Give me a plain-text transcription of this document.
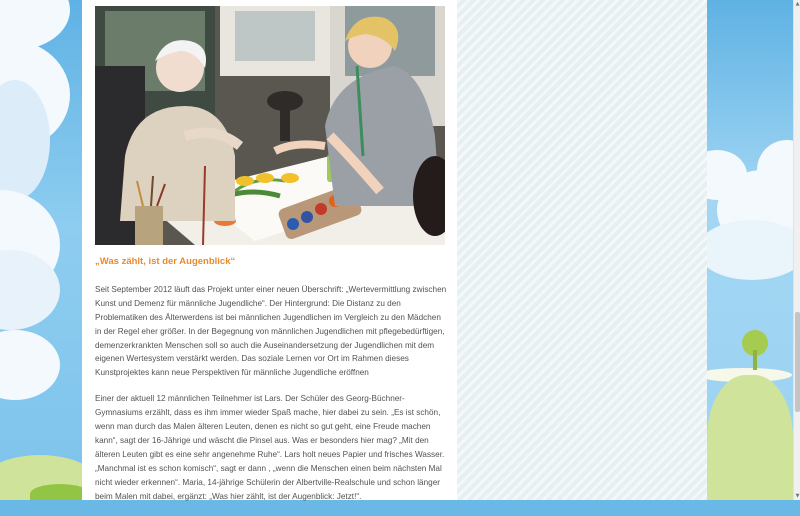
„Was zählt, ist der Augenblick“

Seit September 2012 läuft das Projekt unter einer neuen Überschrift: „Wertevermittlung zwischen Kunst und Demenz für männliche Jugendliche“. Der Hintergrund: Die Distanz zu den Problematiken des Älterwerdens ist bei männlichen Jugendlichen im Vergleich zu den Mädchen in der Regel eher größer. In der Begegnung von männlichen Jugendlichen mit pflegebedürftigen, demenzerkrankten Menschen soll so auch die Auseinandersetzung der Jugendlichen mit dem eigenen Wertesystem verstärkt werden. Das soziale Lernen vor Ort im Rahmen dieses Kunstprojektes kann neue Perspektiven für männliche Jugendliche eröffnen

Einer der aktuell 12 männlichen Teilnehmer ist Lars. Der Schüler des Georg-Büchner-Gymnasiums erzählt, dass es ihm immer wieder Spaß mache, hier dabei zu sein. „Es ist schön, wenn man durch das Malen älteren Leuten, denen es nicht so gut geht, eine Freude machen kann“, sagt der 16-Jährige und wäscht die Pinsel aus. Was er besonders hier mag? „Mit den älteren Leuten gibt es eine sehr angenehme Ruhe“. Lars holt neues Papier und frisches Wasser. „Manchmal ist es schon komisch“, sagt er dann , „wenn die Menschen einen beim nächsten Mal nicht wieder erkennen“. Maria, 14-jährige Schülerin der Albertville-Realschule und schon länger beim Malen mit dabei, ergänzt: „Was hier zählt, ist der Augenblick: Jetzt!“.

▲
▼
